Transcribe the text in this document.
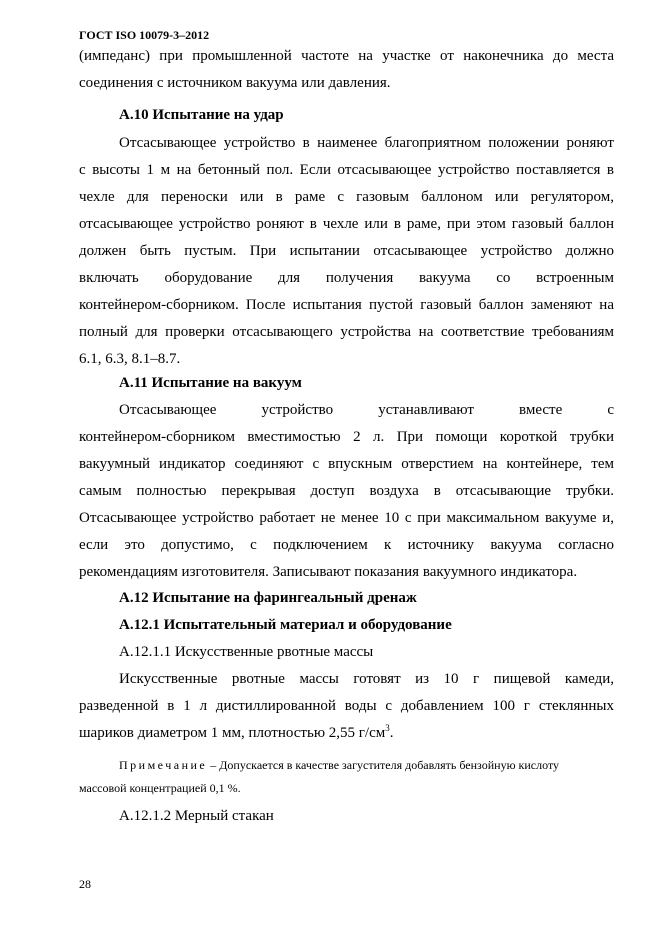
ГОСТ ISO 10079-3–2012
(импеданс) при промышленной частоте на участке от наконечника до места
соединения с источником вакуума или давления.
А.10 Испытание на удар
Отсасывающее устройство в наименее благоприятном положении роняют
с высоты 1 м на бетонный пол. Если отсасывающее устройство поставляется в
чехле для переноски или в раме с газовым баллоном или регулятором,
отсасывающее устройство роняют в чехле или в раме, при этом газовый баллон
должен быть пустым. При испытании отсасывающее устройство должно
включать оборудование для получения вакуума со встроенным
контейнером-сборником. После испытания пустой газовый баллон заменяют на
полный для проверки отсасывающего устройства на соответствие требованиям
6.1, 6.3, 8.1–8.7.
А.11 Испытание на вакуум
Отсасывающее устройство устанавливают вместе с
контейнером-сборником вместимостью 2 л. При помощи короткой трубки
вакуумный индикатор соединяют с впускным отверстием на контейнере, тем
самым полностью перекрывая доступ воздуха в отсасывающие трубки.
Отсасывающее устройство работает не менее 10 с при максимальном вакууме и,
если это допустимо, с подключением к источнику вакуума согласно
рекомендациям изготовителя. Записывают показания вакуумного индикатора.
А.12 Испытание на фарингеальный дренаж
А.12.1 Испытательный материал и оборудование
А.12.1.1 Искусственные рвотные массы
Искусственные рвотные массы готовят из 10 г пищевой камеди,
разведенной в 1 л дистиллированной воды с добавлением 100 г стеклянных
шариков диаметром 1 мм, плотностью 2,55 $г/см^3$.
Примечание – Допускается в качестве загустителя добавлять бензойную кислоту
массовой концентрацией 0,1 %.
А.12.1.2 Мерный стакан
28
